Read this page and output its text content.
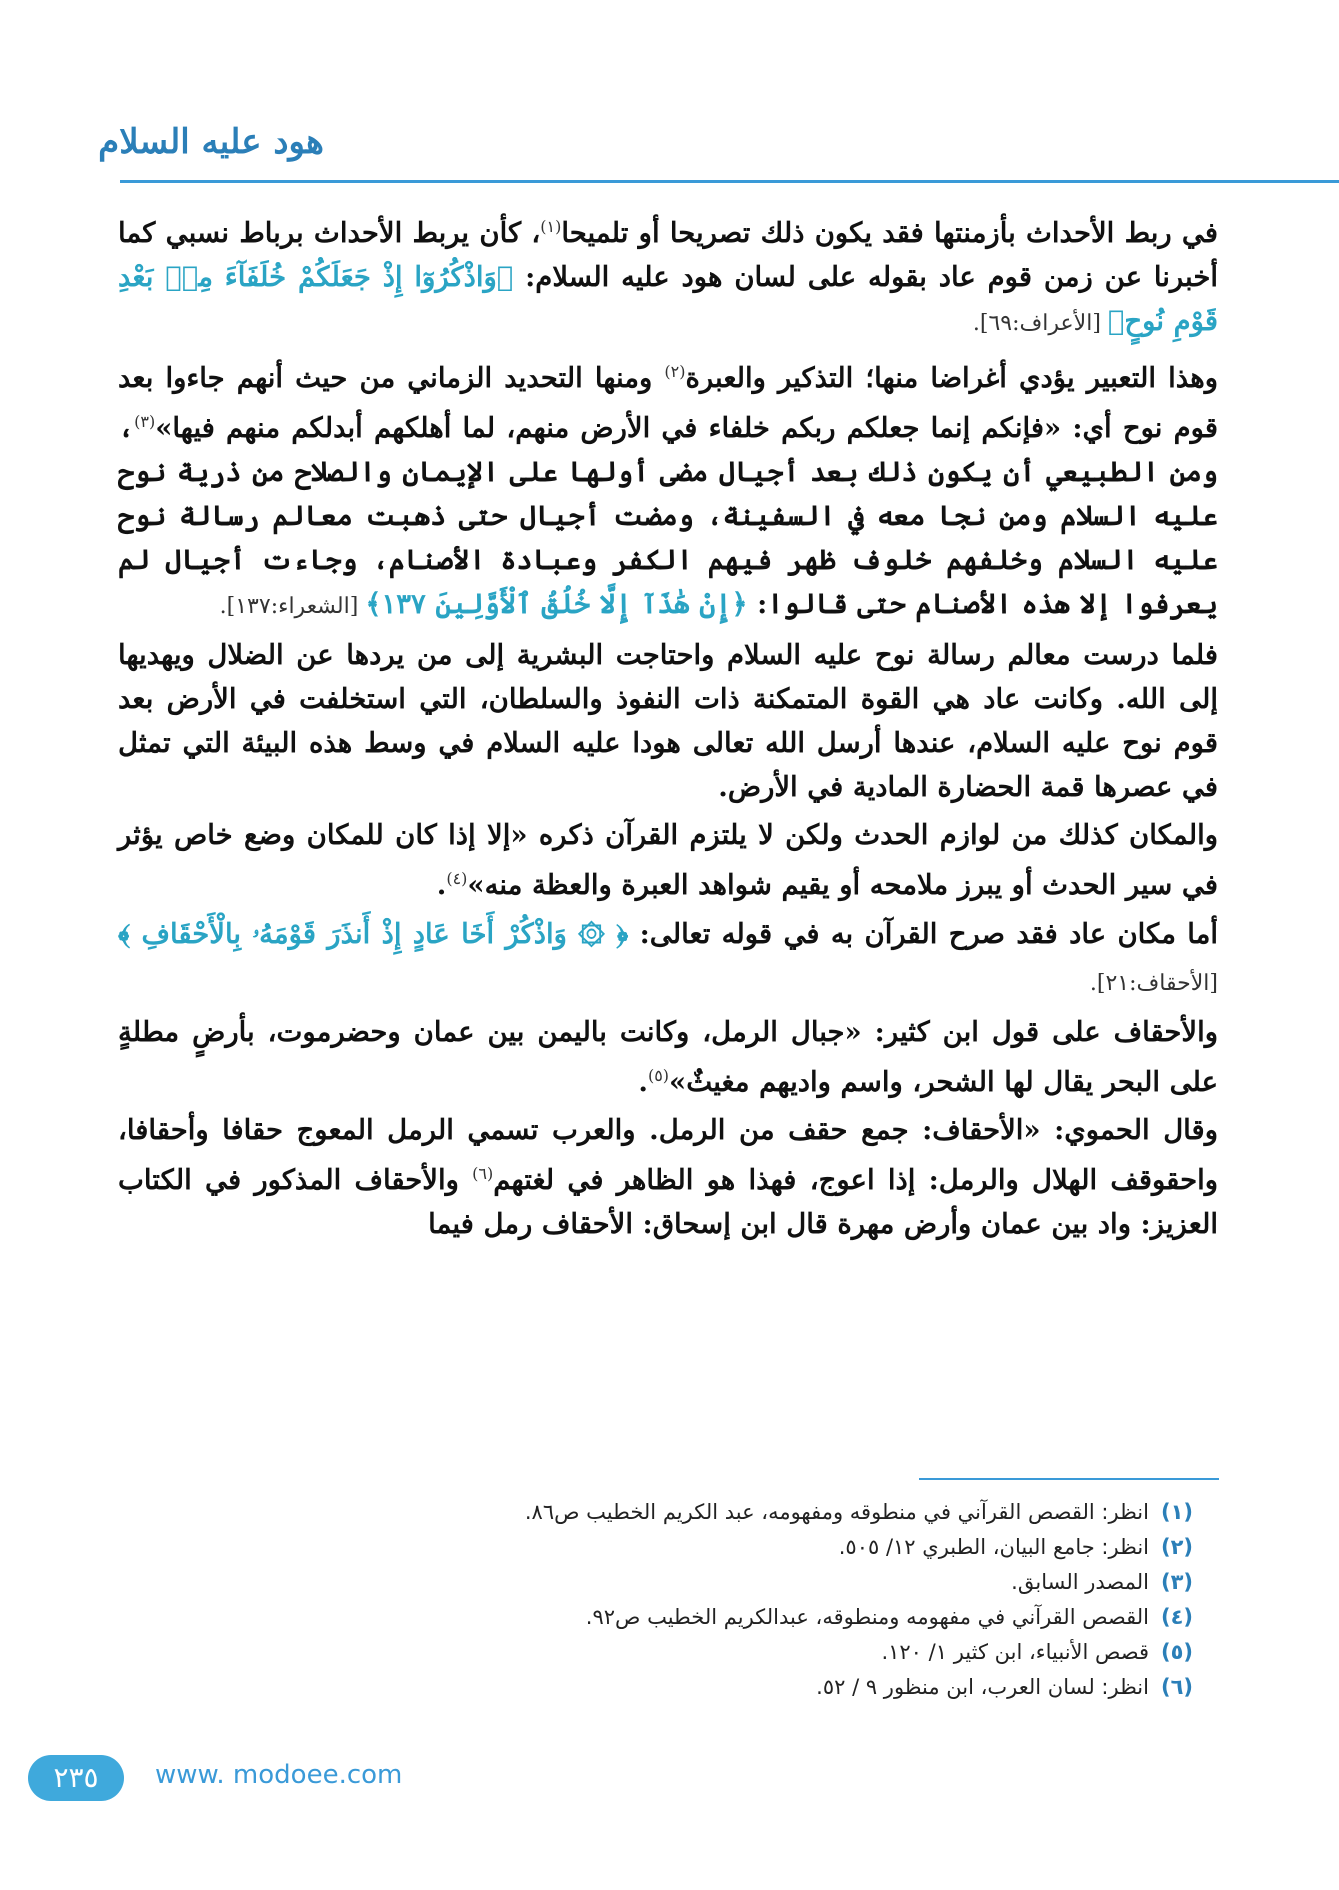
هود عليه السلام

في ربط الأحداث بأزمنتها فقد يكون ذلك تصريحا أو تلميحا$^{(١)}$، كأن يربط الأحداث برباط نسبي كما أخبرنا عن زمن قوم عاد بقوله على لسان هود عليه السلام: ﴿وَاذْكُرُوٓا إِذْ جَعَلَكُمْ خُلَفَآءَ مِنۢ بَعْدِ قَوْمِ نُوحٍ﴾ [الأعراف:٦٩].

وهذا التعبير يؤدي أغراضا منها؛ التذكير والعبرة$^{(٢)}$ ومنها التحديد الزماني من حيث أنهم جاءوا بعد قوم نوح أي: «فإنكم إنما جعلكم ربكم خلفاء في الأرض منهم، لما أهلكهم أبدلكم منهم فيها»$^{(٣)}$، ومن الطبيعي أن يكون ذلك بعد أجيال مضى أولها على الإيمان والصلاح من ذرية نوح عليه السلام ومن نجا معه في السفينة، ومضت أجيال حتى ذهبت معالم رسالة نوح عليه السلام وخلفهم خلوف ظهر فيهم الكفر وعبادة الأصنام، وجاءت أجيال لم يعرفوا إلا هذه الأصنام حتى قالوا: ﴿إِنْ هَٰذَآ إِلَّا خُلُقُ ٱلْأَوَّلِينَ ١٣٧﴾ [الشعراء:١٣٧].

فلما درست معالم رسالة نوح عليه السلام واحتاجت البشرية إلى من يردها عن الضلال ويهديها إلى الله. وكانت عاد هي القوة المتمكنة ذات النفوذ والسلطان، التي استخلفت في الأرض بعد قوم نوح عليه السلام، عندها أرسل الله تعالى هودا عليه السلام في وسط هذه البيئة التي تمثل في عصرها قمة الحضارة المادية في الأرض.

والمكان كذلك من لوازم الحدث ولكن لا يلتزم القرآن ذكره «إلا إذا كان للمكان وضع خاص يؤثر في سير الحدث أو يبرز ملامحه أو يقيم شواهد العبرة والعظة منه»$^{(٤)}$.

أما مكان عاد فقد صرح القرآن به في قوله تعالى: ﴿ ۞ وَاذْكُرْ أَخَا عَادٍ إِذْ أَنذَرَ قَوْمَهُۥ بِالْأَحْقَافِ ﴾ [الأحقاف:٢١].

والأحقاف على قول ابن كثير: «جبال الرمل، وكانت باليمن بين عمان وحضرموت، بأرضٍ مطلةٍ على البحر يقال لها الشحر، واسم واديهم مغيثٌ»$^{(٥)}$.

وقال الحموي: «الأحقاف: جمع حقف من الرمل. والعرب تسمي الرمل المعوج حقافا وأحقافا، واحقوقف الهلال والرمل: إذا اعوج، فهذا هو الظاهر في لغتهم$^{(٦)}$ والأحقاف المذكور في الكتاب العزيز: واد بين عمان وأرض مهرة قال ابن إسحاق: الأحقاف رمل فيما

(١)انظر: القصص القرآني في منطوقه ومفهومه، عبد الكريم الخطيب ص٨٦.
(٢)انظر: جامع البيان، الطبري ١٢/ ٥٠٥.
(٣)المصدر السابق.
(٤)القصص القرآني في مفهومه ومنطوقه، عبدالكريم الخطيب ص٩٢.
(٥)قصص الأنبياء، ابن كثير ١/ ١٢٠.
(٦)انظر: لسان العرب، ابن منظور ٩ / ٥٢.
٢٣٥	www. modoee.com
